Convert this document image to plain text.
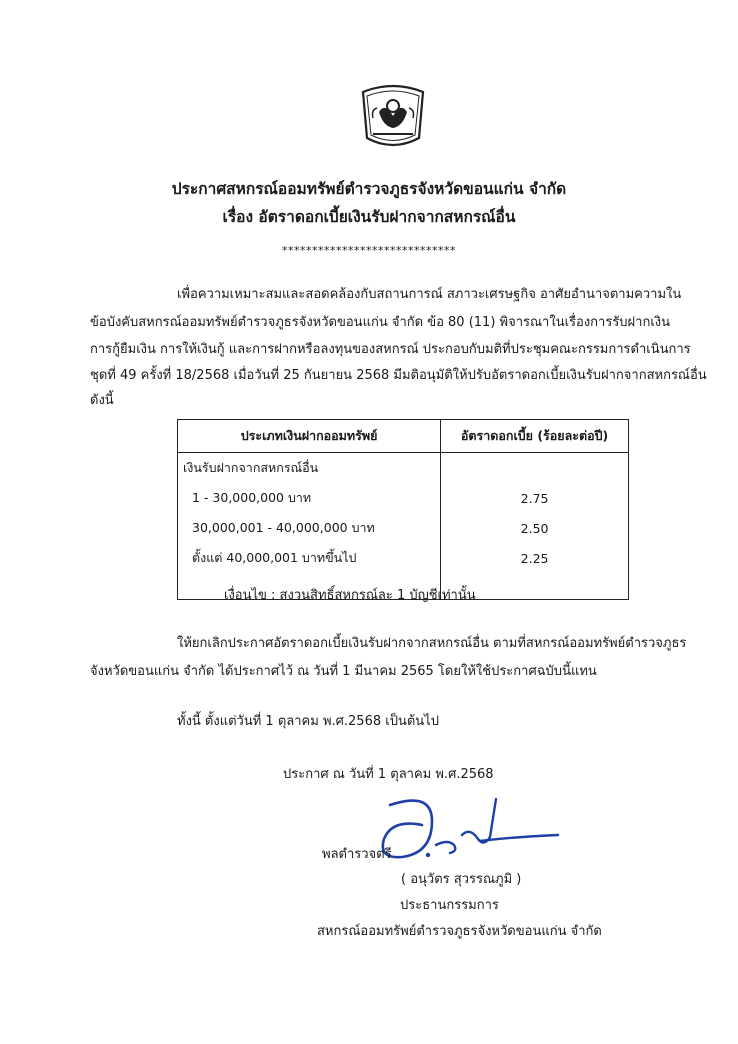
ประกาศสหกรณ์ออมทรัพย์ตำรวจภูธรจังหวัดขอนแก่น จำกัด
เรื่อง อัตราดอกเบี้ยเงินรับฝากจากสหกรณ์อื่น
*****************************
เพื่อความเหมาะสมและสอดคล้องกับสถานการณ์ สภาวะเศรษฐกิจ อาศัยอำนาจตามความใน
ข้อบังคับสหกรณ์ออมทรัพย์ตำรวจภูธรจังหวัดขอนแก่น จำกัด ข้อ 80 (11) พิจารณาในเรื่องการรับฝากเงิน
การกู้ยืมเงิน การให้เงินกู้ และการฝากหรือลงทุนของสหกรณ์ ประกอบกับมติที่ประชุมคณะกรรมการดำเนินการ
ชุดที่ 49 ครั้งที่ 18/2568 เมื่อวันที่ 25 กันยายน 2568 มีมติอนุมัติให้ปรับอัตราดอกเบี้ยเงินรับฝากจากสหกรณ์อื่น
ดังนี้
ประเภทเงินฝากออมทรัพย์	อัตราดอกเบี้ย (ร้อยละต่อปี)
เงินรับฝากจากสหกรณ์อื่น	
1 - 30,000,000 บาท	2.75
30,000,001 - 40,000,000 บาท	2.50
ตั้งแต่ 40,000,001 บาทขึ้นไป	2.25

เงื่อนไข : สงวนสิทธิ์สหกรณ์ละ 1 บัญชีเท่านั้น
ให้ยกเลิกประกาศอัตราดอกเบี้ยเงินรับฝากจากสหกรณ์อื่น ตามที่สหกรณ์ออมทรัพย์ตำรวจภูธร
จังหวัดขอนแก่น จำกัด ได้ประกาศไว้ ณ วันที่ 1 มีนาคม 2565 โดยให้ใช้ประกาศฉบับนี้แทน
ทั้งนี้ ตั้งแต่วันที่ 1 ตุลาคม พ.ศ.2568 เป็นต้นไป
ประกาศ ณ วันที่ 1 ตุลาคม พ.ศ.2568
พลตำรวจตรี
( อนุวัตร สุวรรณภูมิ )
ประธานกรรมการ
สหกรณ์ออมทรัพย์ตำรวจภูธรจังหวัดขอนแก่น จำกัด
